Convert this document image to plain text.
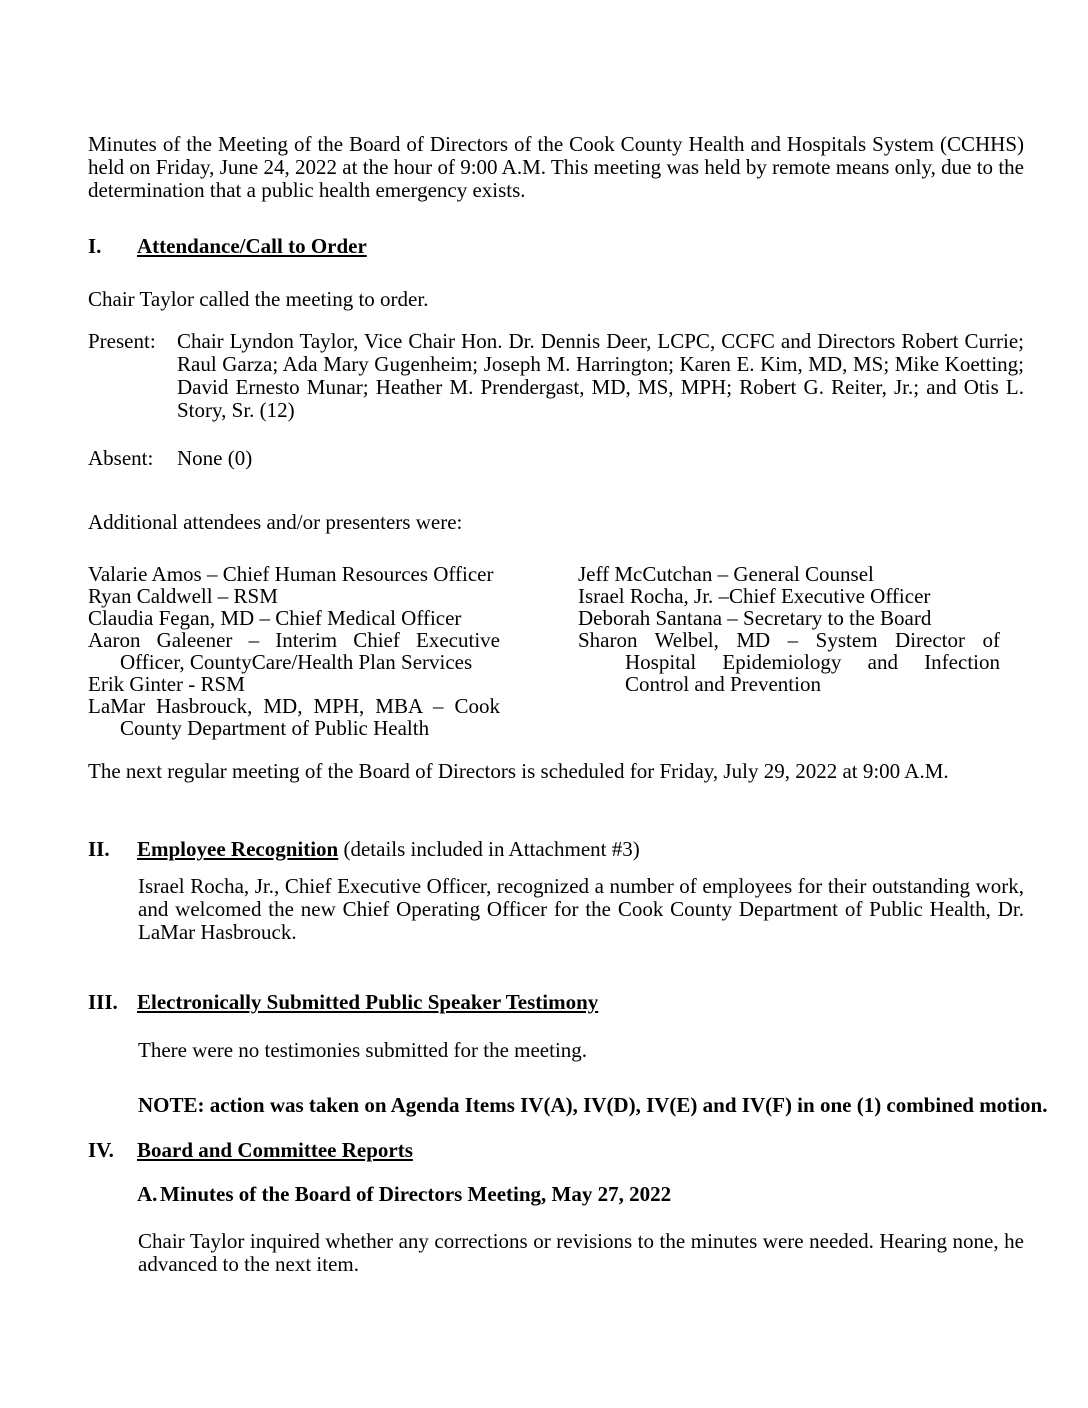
Minutes of the Meeting of the Board of Directors of the Cook County Health and Hospitals System (CCHHS) held on Friday, June 24, 2022 at the hour of 9:00 A.M. This meeting was held by remote means only, due to the determination that a public health emergency exists.

I. Attendance/Call to Order

Chair Taylor called the meeting to order.

Present:	Chair Lyndon Taylor, Vice Chair Hon. Dr. Dennis Deer, LCPC, CCFC and Directors Robert Currie; Raul Garza; Ada Mary Gugenheim; Joseph M. Harrington; Karen E. Kim, MD, MS; Mike Koetting; David Ernesto Munar; Heather M. Prendergast, MD, MS, MPH; Robert G. Reiter, Jr.; and Otis L. Story, Sr. (12)
Absent:	None (0)

Additional attendees and/or presenters were:

Valarie Amos – Chief Human Resources Officer
Ryan Caldwell – RSM
Claudia Fegan, MD – Chief Medical Officer
Aaron Galeener – Interim Chief Executive Officer, CountyCare/Health Plan Services
Erik Ginter - RSM
LaMar Hasbrouck, MD, MPH, MBA – Cook County Department of Public Health
Jeff McCutchan – General Counsel
Israel Rocha, Jr. –Chief Executive Officer
Deborah Santana – Secretary to the Board
Sharon Welbel, MD – System Director of Hospital Epidemiology and Infection Control and Prevention

The next regular meeting of the Board of Directors is scheduled for Friday, July 29, 2022 at 9:00 A.M.

II. Employee Recognition (details included in Attachment #3)

Israel Rocha, Jr., Chief Executive Officer, recognized a number of employees for their outstanding work, and welcomed the new Chief Operating Officer for the Cook County Department of Public Health, Dr. LaMar Hasbrouck.

III. Electronically Submitted Public Speaker Testimony

There were no testimonies submitted for the meeting.

NOTE: action was taken on Agenda Items IV(A), IV(D), IV(E) and IV(F) in one (1) combined motion.

IV. Board and Committee Reports

A. Minutes of the Board of Directors Meeting, May 27, 2022

Chair Taylor inquired whether any corrections or revisions to the minutes were needed. Hearing none, he advanced to the next item.
